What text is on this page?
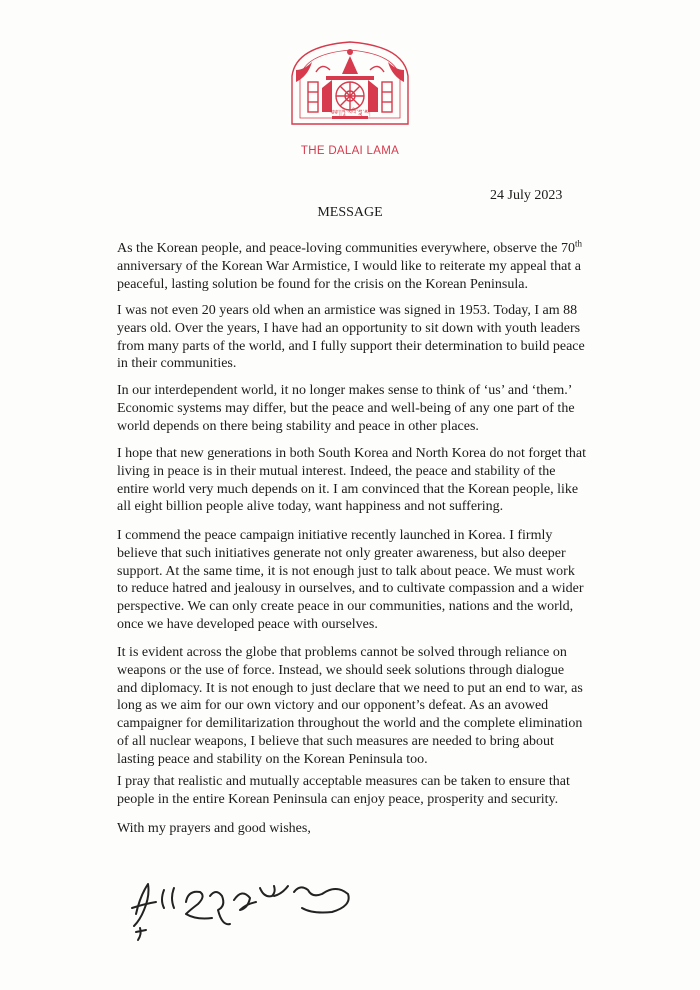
༄༅།།ཏཱ་ལའི་བླ་མ།
THE DALAI LAMA
24 July 2023
MESSAGE

As the Korean people, and peace-loving communities everywhere, observe the 70th anniversary of the Korean War Armistice, I would like to reiterate my appeal that a peaceful, lasting solution be found for the crisis on the Korean Peninsula.

I was not even 20 years old when an armistice was signed in 1953. Today, I am 88 years old. Over the years, I have had an opportunity to sit down with youth leaders from many parts of the world, and I fully support their determination to build peace in their communities.

In our interdependent world, it no longer makes sense to think of ‘us’ and ‘them.’ Economic systems may differ, but the peace and well-being of any one part of the world depends on there being stability and peace in other places.

I hope that new generations in both South Korea and North Korea do not forget that living in peace is in their mutual interest. Indeed, the peace and stability of the entire world very much depends on it. I am convinced that the Korean people, like all eight billion people alive today, want happiness and not suffering.

I commend the peace campaign initiative recently launched in Korea. I firmly believe that such initiatives generate not only greater awareness, but also deeper support. At the same time, it is not enough just to talk about peace. We must work to reduce hatred and jealousy in ourselves, and to cultivate compassion and a wider perspective. We can only create peace in our communities, nations and the world, once we have developed peace with ourselves.

It is evident across the globe that problems cannot be solved through reliance on weapons or the use of force. Instead, we should seek solutions through dialogue and diplomacy. It is not enough to just declare that we need to put an end to war, as long as we aim for our own victory and our opponent’s defeat. As an avowed campaigner for demilitarization throughout the world and the complete elimination of all nuclear weapons, I believe that such measures are needed to bring about lasting peace and stability on the Korean Peninsula too.

I pray that realistic and mutually acceptable measures can be taken to ensure that people in the entire Korean Peninsula can enjoy peace, prosperity and security.

With my prayers and good wishes,
